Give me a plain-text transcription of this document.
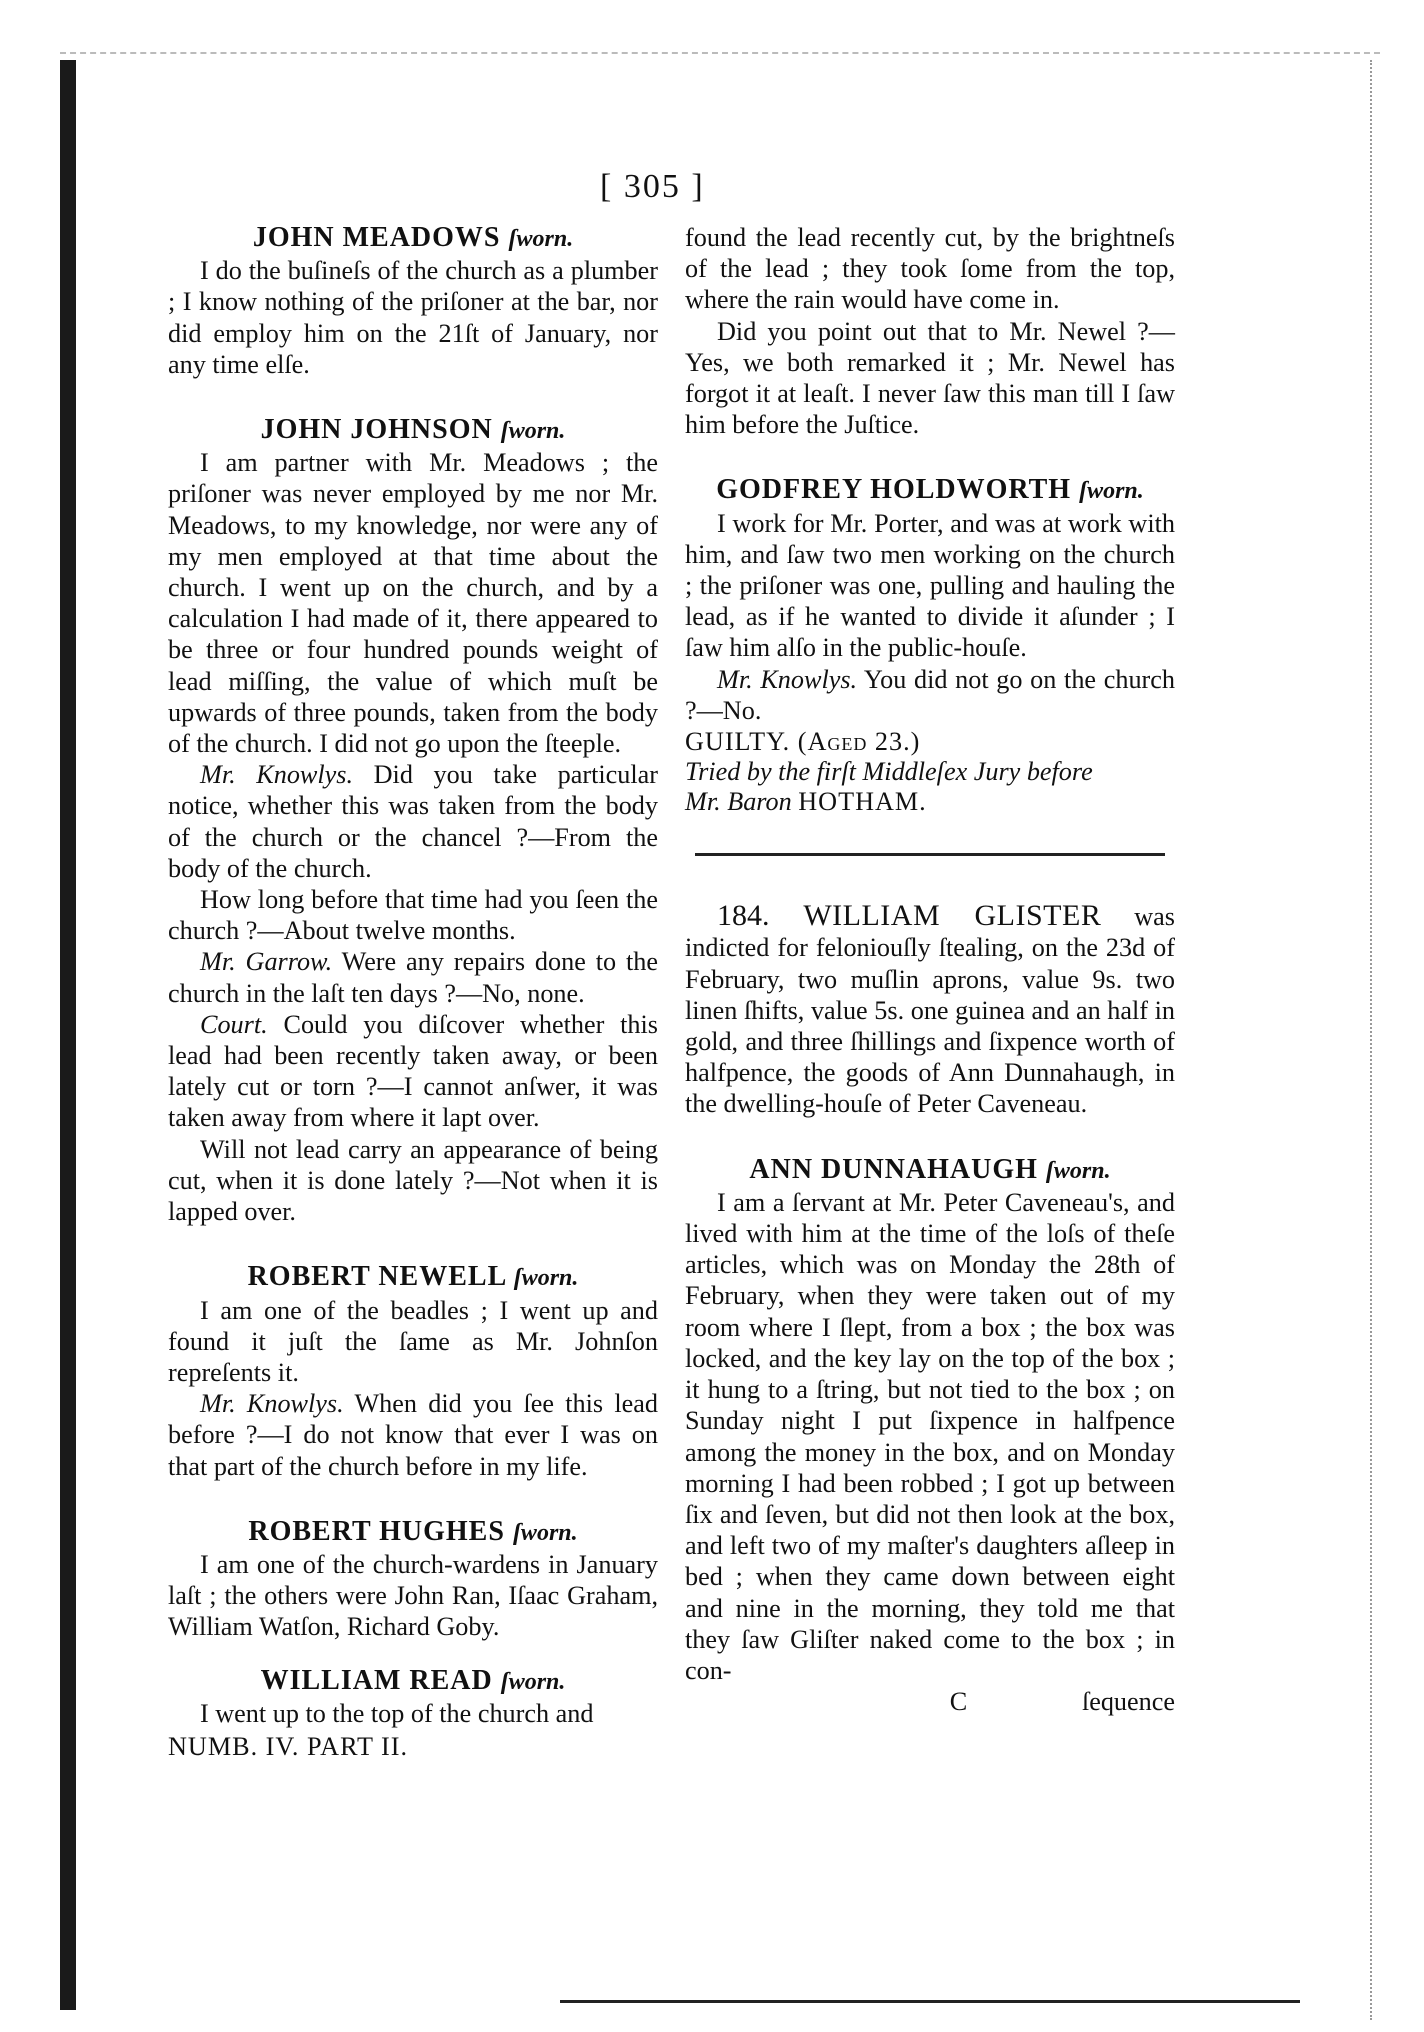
[ 305 ]
JOHN MEADOWS ſworn.

I do the buſineſs of the church as a plumber ; I know nothing of the priſoner at the bar, nor did employ him on the 21ſt of January, nor any time elſe.

JOHN JOHNSON ſworn.

I am partner with Mr. Meadows ; the priſoner was never employed by me nor Mr. Meadows, to my knowledge, nor were any of my men employed at that time about the church. I went up on the church, and by a calculation I had made of it, there appeared to be three or four hundred pounds weight of lead miſſing, the value of which muſt be upwards of three pounds, taken from the body of the church. I did not go upon the ſteeple.

Mr. Knowlys. Did you take particular notice, whether this was taken from the body of the church or the chancel ?—From the body of the church.

How long before that time had you ſeen the church ?—About twelve months.

Mr. Garrow. Were any repairs done to the church in the laſt ten days ?—No, none.

Court. Could you diſcover whether this lead had been recently taken away, or been lately cut or torn ?—I cannot anſwer, it was taken away from where it lapt over.

Will not lead carry an appearance of being cut, when it is done lately ?—Not when it is lapped over.

ROBERT NEWELL ſworn.

I am one of the beadles ; I went up and found it juſt the ſame as Mr. Johnſon repreſents it.

Mr. Knowlys. When did you ſee this lead before ?—I do not know that ever I was on that part of the church before in my life.

ROBERT HUGHES ſworn.

I am one of the church-wardens in January laſt ; the others were John Ran, Iſaac Graham, William Watſon, Richard Goby.

WILLIAM READ ſworn.

I went up to the top of the church and

NUMB. IV. PART II.

found the lead recently cut, by the brightneſs of the lead ; they took ſome from the top, where the rain would have come in.

Did you point out that to Mr. Newel ?—Yes, we both remarked it ; Mr. Newel has forgot it at leaſt. I never ſaw this man till I ſaw him before the Juſtice.

GODFREY HOLDWORTH ſworn.

I work for Mr. Porter, and was at work with him, and ſaw two men working on the church ; the priſoner was one, pulling and hauling the lead, as if he wanted to divide it aſunder ; I ſaw him alſo in the public-houſe.

Mr. Knowlys. You did not go on the church ?—No.

GUILTY. (Aged 23.)

Tried by the firſt Middleſex Jury before
Mr. Baron HOTHAM.

184. WILLIAM GLISTER was indicted for feloniouſly ſtealing, on the 23d of February, two muſlin aprons, value 9s. two linen ſhifts, value 5s. one guinea and an half in gold, and three ſhillings and ſixpence worth of halfpence, the goods of Ann Dunnahaugh, in the dwelling-houſe of Peter Caveneau.

ANN DUNNAHAUGH ſworn.

I am a ſervant at Mr. Peter Caveneau's, and lived with him at the time of the loſs of theſe articles, which was on Monday the 28th of February, when they were taken out of my room where I ſlept, from a box ; the box was locked, and the key lay on the top of the box ; it hung to a ſtring, but not tied to the box ; on Sunday night I put ſixpence in halfpence among the money in the box, and on Monday morning I had been robbed ; I got up between ſix and ſeven, but did not then look at the box, and left two of my maſter's daughters aſleep in bed ; when they came down between eight and nine in the morning, they told me that they ſaw Gliſter naked come to the box ; in con-

C	ſequence
